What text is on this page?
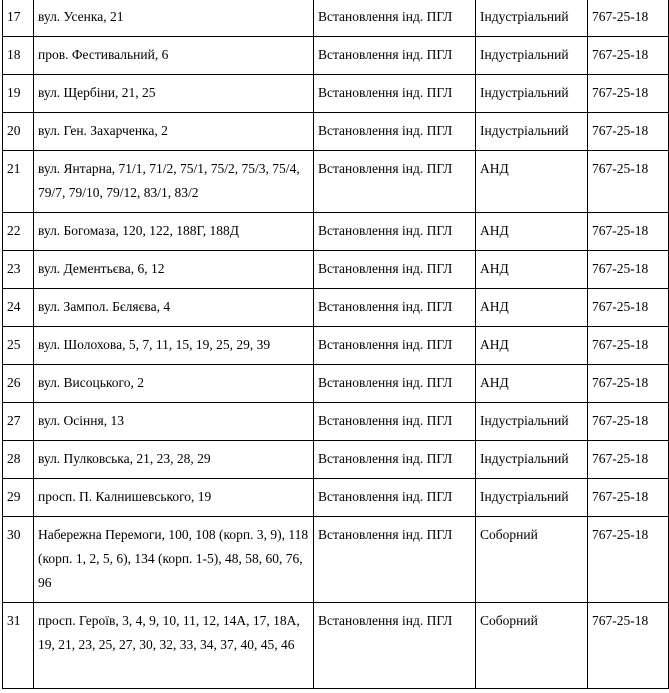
17	вул. Усенка, 21	Встановлення інд. ПГЛ	Індустріальний	767-25-18
18	пров. Фестивальний, 6	Встановлення інд. ПГЛ	Індустріальний	767-25-18
19	вул. Щербіни, 21, 25	Встановлення інд. ПГЛ	Індустріальний	767-25-18
20	вул. Ген. Захарченка, 2	Встановлення інд. ПГЛ	Індустріальний	767-25-18
21	вул. Янтарна, 71/1, 71/2, 75/1, 75/2, 75/3, 75/4, 79/7, 79/10, 79/12, 83/1, 83/2	Встановлення інд. ПГЛ	АНД	767-25-18
22	вул. Богомаза, 120, 122, 188Г, 188Д	Встановлення інд. ПГЛ	АНД	767-25-18
23	вул. Дементьєва, 6, 12	Встановлення інд. ПГЛ	АНД	767-25-18
24	вул. Зампол. Бєляєва, 4	Встановлення інд. ПГЛ	АНД	767-25-18
25	вул. Шолохова, 5, 7, 11, 15, 19, 25, 29, 39	Встановлення інд. ПГЛ	АНД	767-25-18
26	вул. Висоцького, 2	Встановлення інд. ПГЛ	АНД	767-25-18
27	вул. Осіння, 13	Встановлення інд. ПГЛ	Індустріальний	767-25-18
28	вул. Пулковська, 21, 23, 28, 29	Встановлення інд. ПГЛ	Індустріальний	767-25-18
29	просп. П. Калнишевського, 19	Встановлення інд. ПГЛ	Індустріальний	767-25-18
30	Набережна Перемоги, 100, 108 (корп. 3, 9), 118 (корп. 1, 2, 5, 6), 134 (корп. 1-5), 48, 58, 60, 76, 96	Встановлення інд. ПГЛ	Соборний	767-25-18
31	просп. Героїв, 3, 4, 9, 10, 11, 12, 14А, 17, 18А, 19, 21, 23, 25, 27, 30, 32, 33, 34, 37, 40, 45, 46	Встановлення інд. ПГЛ	Соборний	767-25-18
